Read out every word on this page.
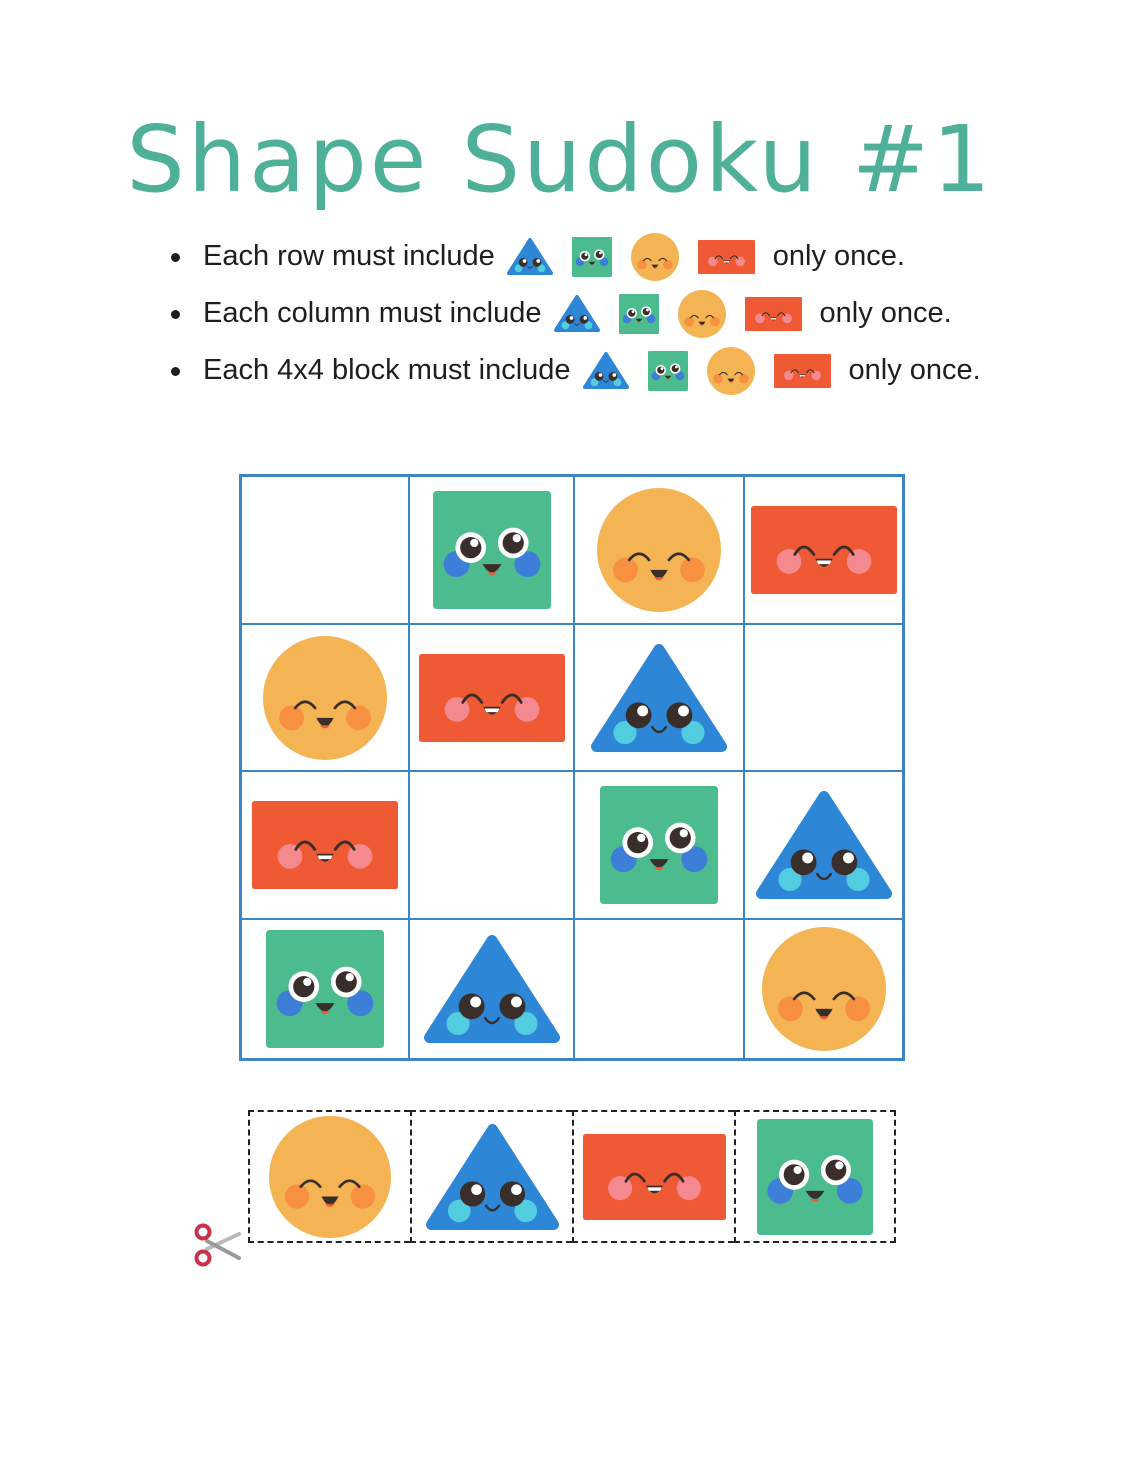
Shape Sudoku #1
Each row must include	only once.
Each column must include	only once.
Each 4x4 block must include	only once.
